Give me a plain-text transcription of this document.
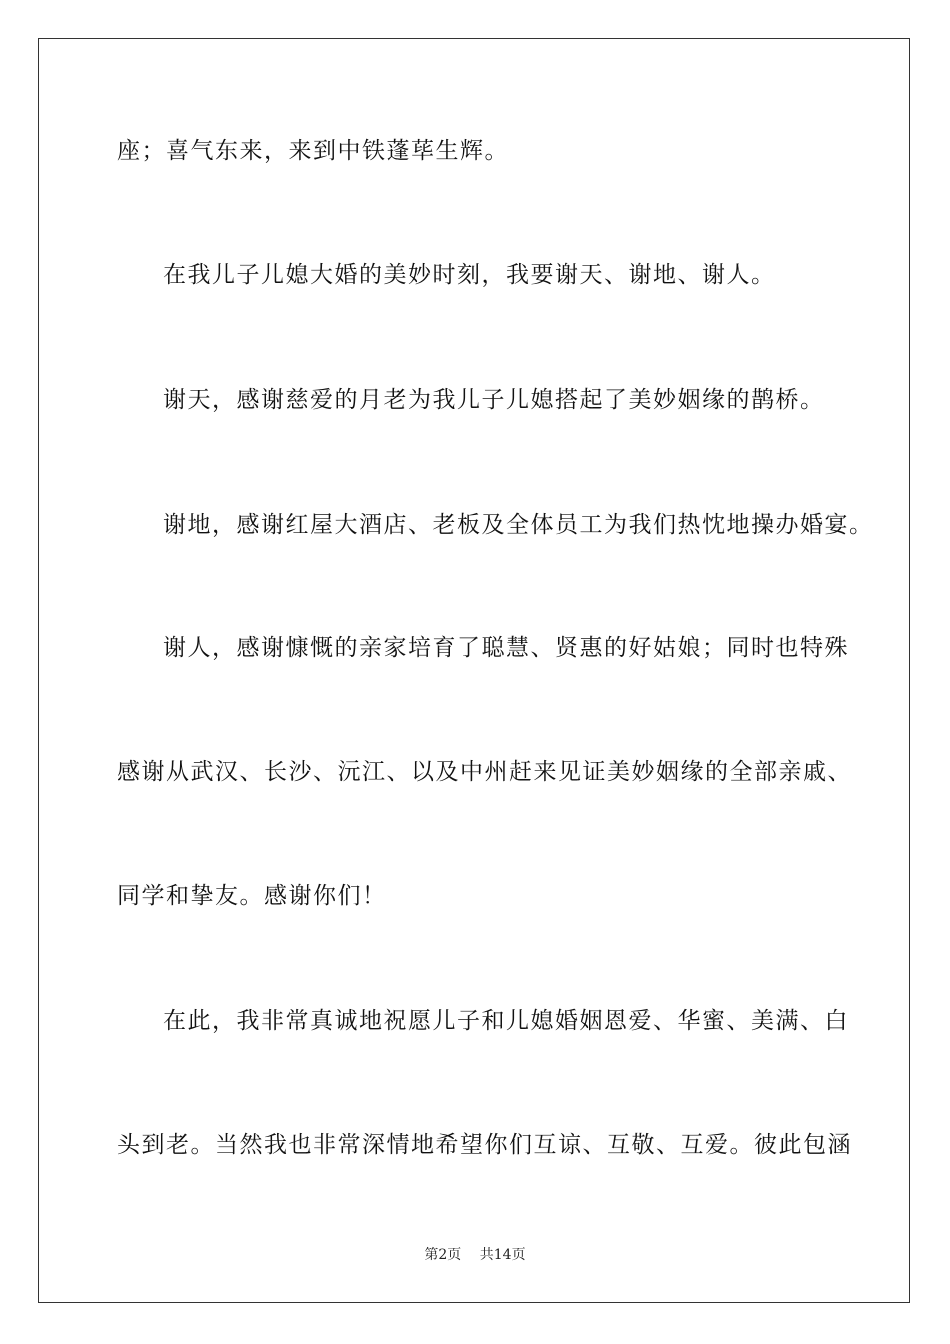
座；喜气东来，来到中铁蓬荜生辉。
在我儿子儿媳大婚的美妙时刻，我要谢天、谢地、谢人。
谢天，感谢慈爱的月老为我儿子儿媳搭起了美妙姻缘的鹊桥。
谢地，感谢红屋大酒店、老板及全体员工为我们热忱地操办婚宴。
谢人，感谢慷慨的亲家培育了聪慧、贤惠的好姑娘；同时也特殊
感谢从武汉、长沙、沅江、以及中州赶来见证美妙姻缘的全部亲戚、
同学和挚友。感谢你们！
在此，我非常真诚地祝愿儿子和儿媳婚姻恩爱、华蜜、美满、白
头到老。当然我也非常深情地希望你们互谅、互敬、互爱。彼此包涵
第2页 共14页
